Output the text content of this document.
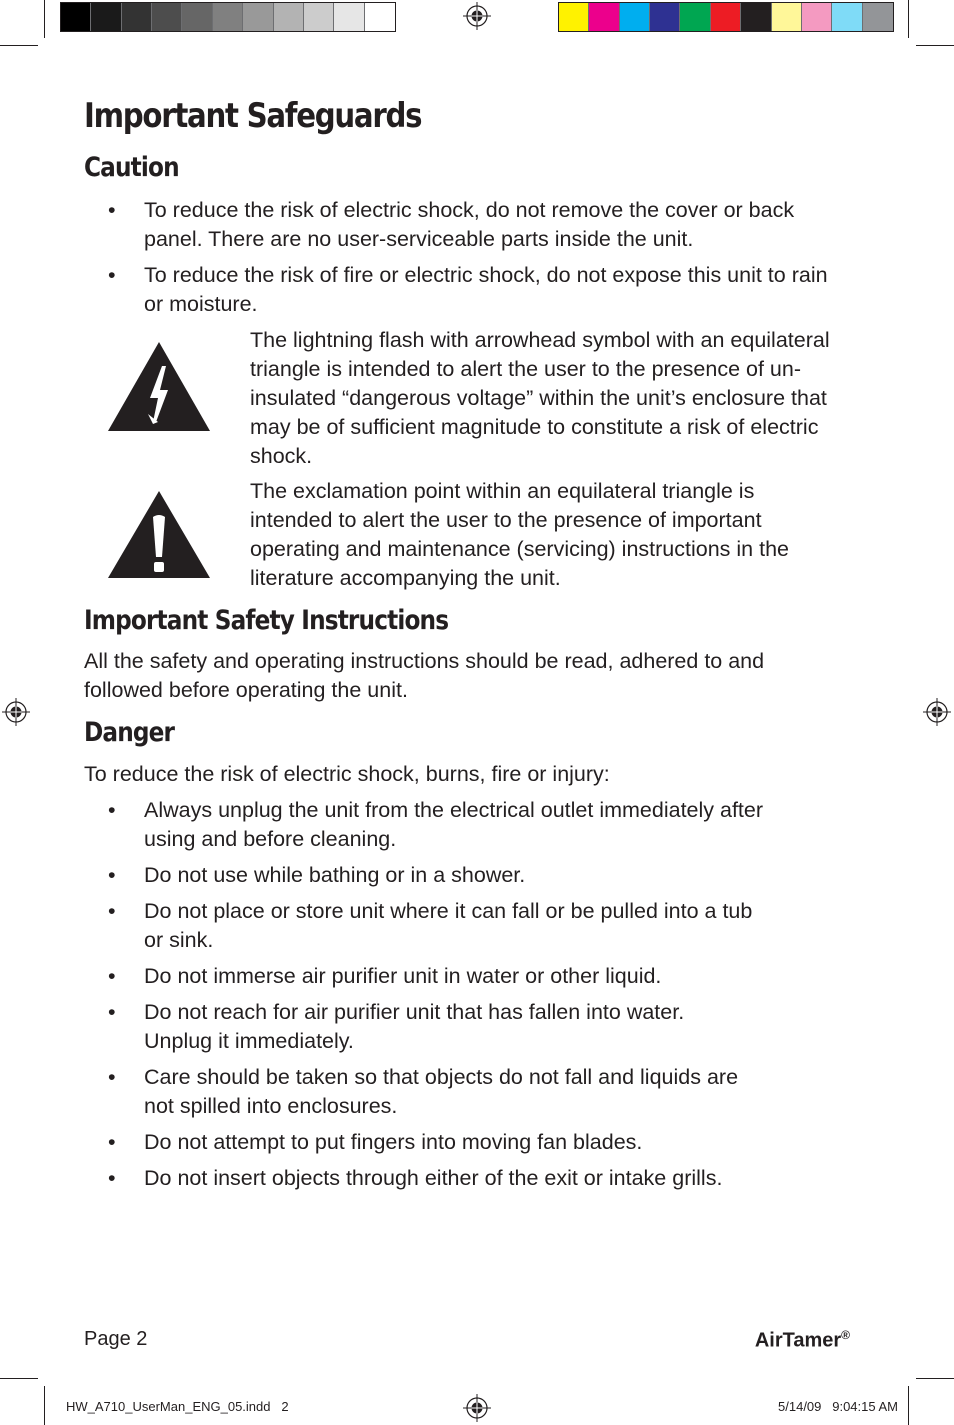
Important Safeguards
Caution
• To reduce the risk of electric shock, do not remove the cover or back panel. There are no user-serviceable parts inside the unit.
• To reduce the risk of fire or electric shock, do not expose this unit to rain or moisture.

The lightning flash with arrowhead symbol with an equilateral triangle is intended to alert the user to the presence of un-insulated “dangerous voltage” within the unit’s enclosure that may be of sufficient magnitude to constitute a risk of electric shock.

The exclamation point within an equilateral triangle is intended to alert the user to the presence of important operating and maintenance (servicing) instructions in the literature accompanying the unit.

Important Safety Instructions

All the safety and operating instructions should be read, adhered to and followed before operating the unit.

Danger

To reduce the risk of electric shock, burns, fire or injury:

• Always unplug the unit from the electrical outlet immediately after using and before cleaning.
• Do not use while bathing or in a shower.
• Do not place or store unit where it can fall or be pulled into a tub or sink.
• Do not immerse air purifier unit in water or other liquid.
• Do not reach for air purifier unit that has fallen into water. Unplug it immediately.
• Care should be taken so that objects do not fall and liquids are not spilled into enclosures.
• Do not attempt to put fingers into moving fan blades.
• Do not insert objects through either of the exit or intake grills.
Page 2	AirTamer®
HW_A710_UserMan_ENG_05.indd   2	5/14/09   9:04:15 AM
